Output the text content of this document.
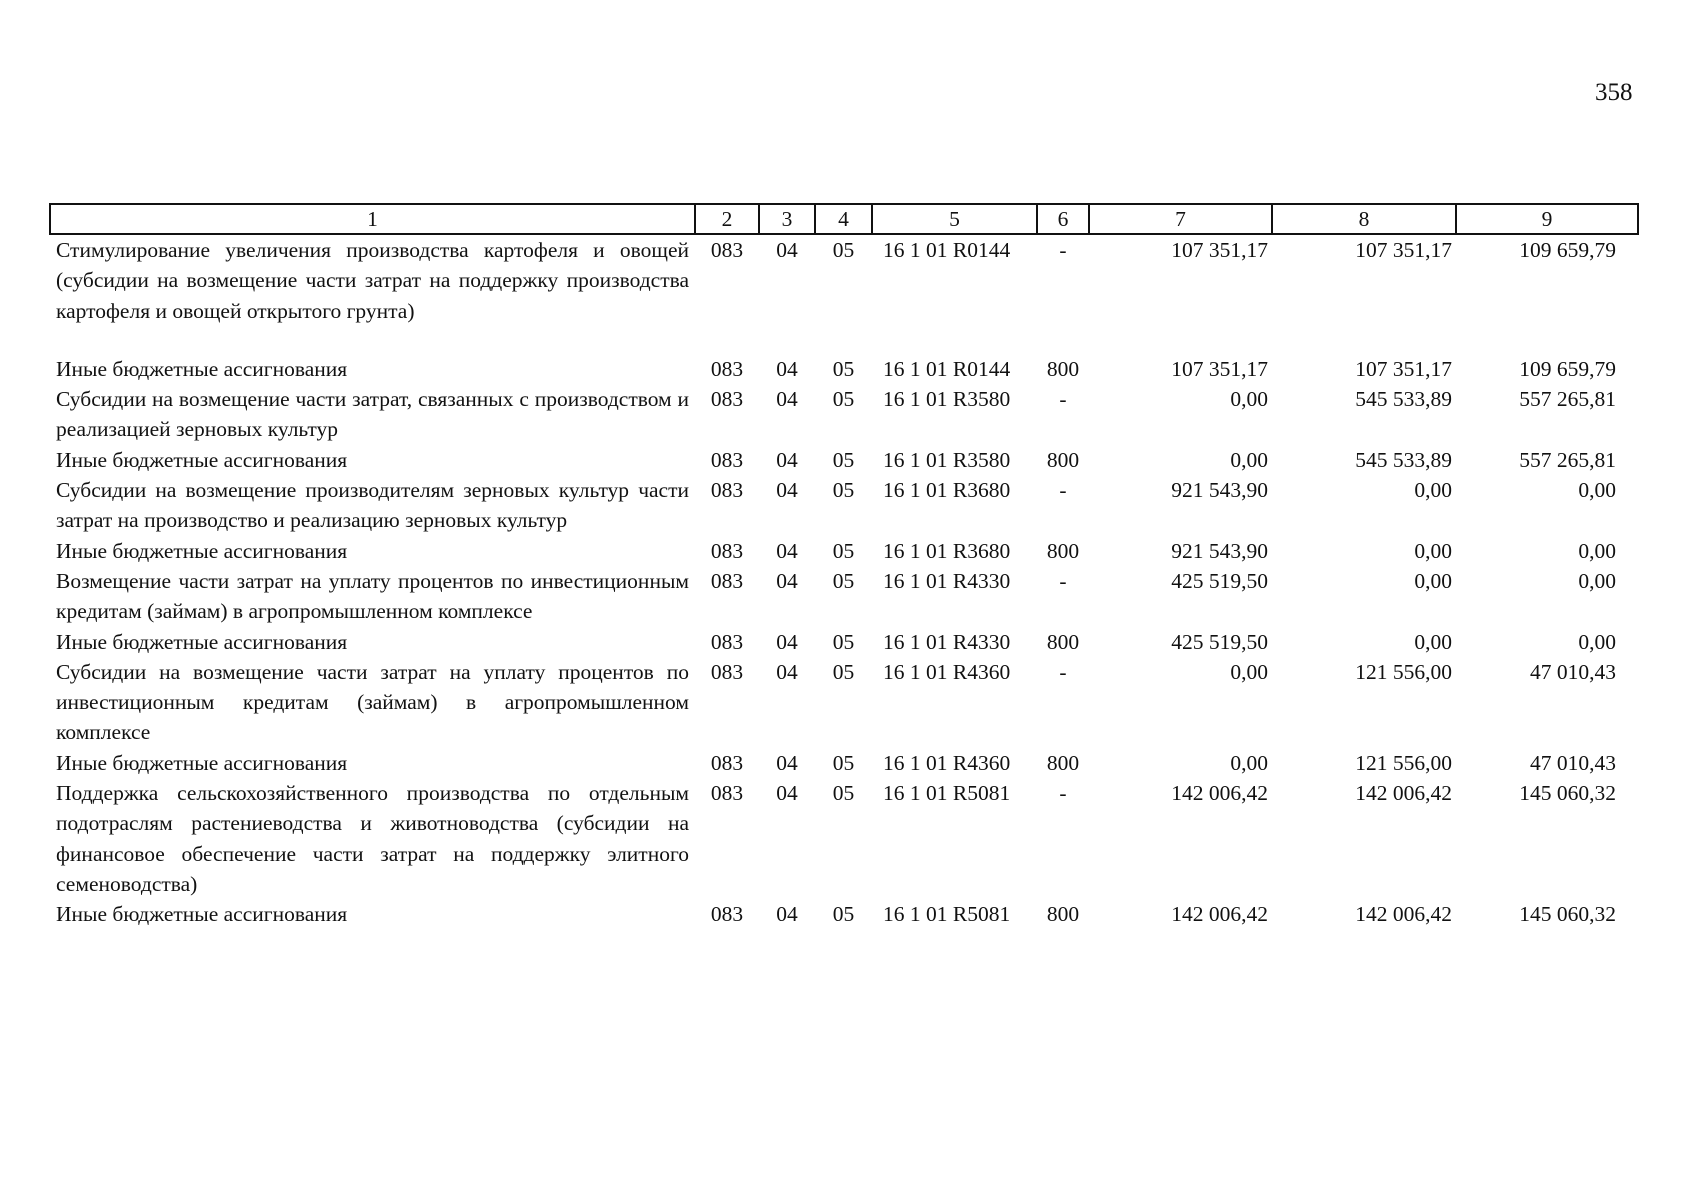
358
1	2	3	4	5	6	7	8	9
Стимулирование увеличения производства картофеля и овощей (субсидии на возмещение части затрат на поддержку производства картофеля и овощей открытого грунта)	083	04	05	16 1 01 R0144	-	107 351,17	107 351,17	109 659,79

Иные бюджетные ассигнования	083	04	05	16 1 01 R0144	800	107 351,17	107 351,17	109 659,79
Субсидии на возмещение части затрат, связанных с производством и реализацией зерновых культур	083	04	05	16 1 01 R3580	-	0,00	545 533,89	557 265,81
Иные бюджетные ассигнования	083	04	05	16 1 01 R3580	800	0,00	545 533,89	557 265,81
Субсидии на возмещение производителям зерновых культур части затрат на производство и реализацию зерновых культур	083	04	05	16 1 01 R3680	-	921 543,90	0,00	0,00
Иные бюджетные ассигнования	083	04	05	16 1 01 R3680	800	921 543,90	0,00	0,00
Возмещение части затрат на уплату процентов по инвестиционным кредитам (займам) в агропромышленном комплексе	083	04	05	16 1 01 R4330	-	425 519,50	0,00	0,00
Иные бюджетные ассигнования	083	04	05	16 1 01 R4330	800	425 519,50	0,00	0,00
Субсидии на возмещение части затрат на уплату процентов по инвестиционным кредитам (займам) в агропромышленном комплексе	083	04	05	16 1 01 R4360	-	0,00	121 556,00	47 010,43
Иные бюджетные ассигнования	083	04	05	16 1 01 R4360	800	0,00	121 556,00	47 010,43
Поддержка сельскохозяйственного производства по отдельным подотраслям растениеводства и животноводства (субсидии на финансовое обеспечение части затрат на поддержку элитного семеноводства)	083	04	05	16 1 01 R5081	-	142 006,42	142 006,42	145 060,32
Иные бюджетные ассигнования	083	04	05	16 1 01 R5081	800	142 006,42	142 006,42	145 060,32
